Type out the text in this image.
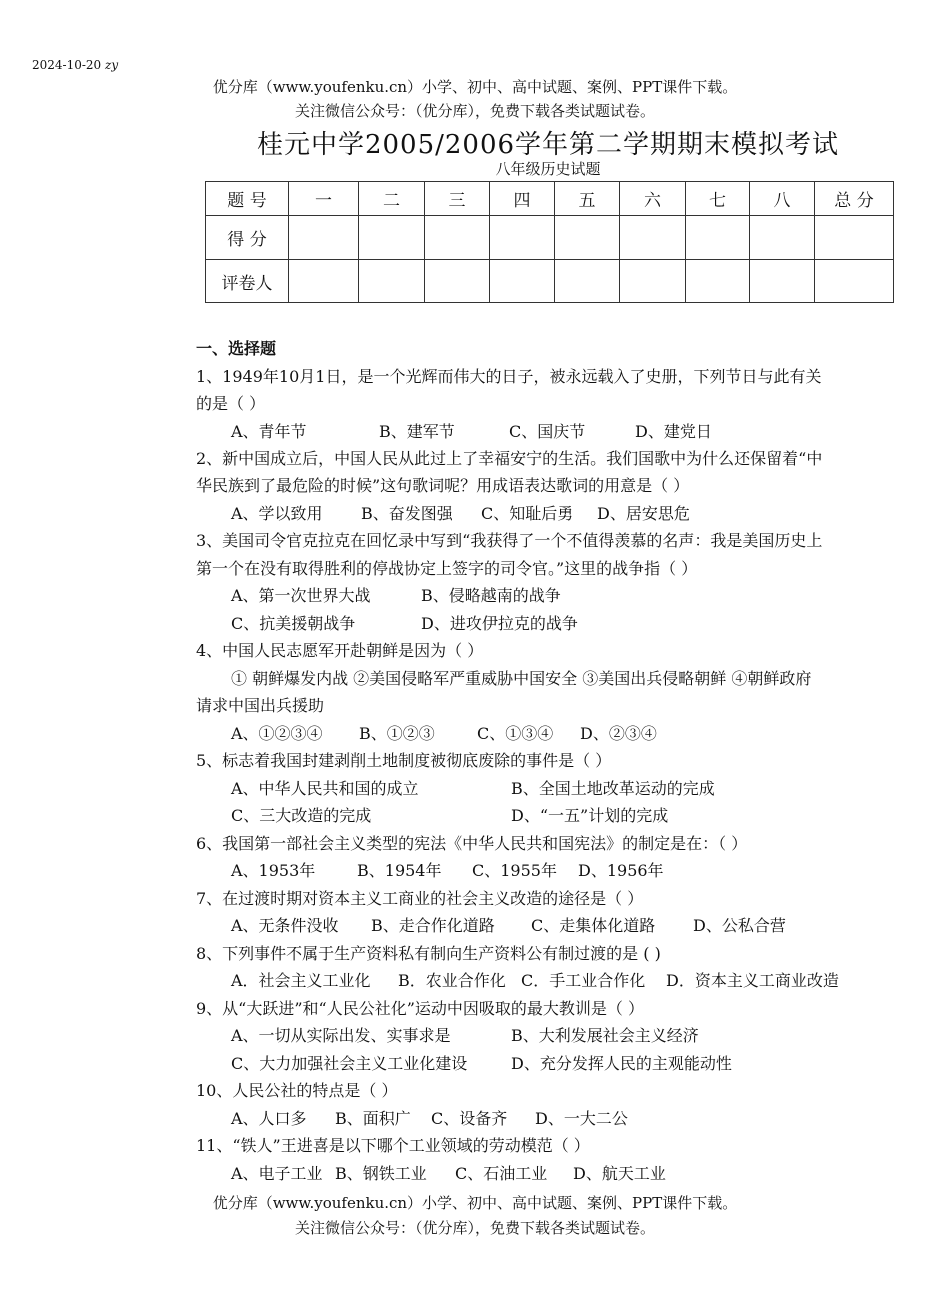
2024-10-20 zy
优分库（www.youfenku.cn）小学、初中、高中试题、案例、PPT课件下载。
关注微信公众号：（优分库），免费下载各类试题试卷。
桂元中学2005/2006学年第二学期期末模拟考试
八年级历史试题
题 号	一	二	三	四	五	六	七	八	总 分
得 分									
评卷人									
一、选择题
1、1949年10月1日，是一个光辉而伟大的日子，被永远载入了史册，下列节日与此有关
的是（ ）
A、青年节	B、建军节	C、国庆节	D、建党日
2、新中国成立后，中国人民从此过上了幸福安宁的生活。我们国歌中为什么还保留着“中
华民族到了最危险的时候”这句歌词呢？用成语表达歌词的用意是（ ）
A、学以致用 B、奋发图强 C、知耻后勇 D、居安思危
3、美国司令官克拉克在回忆录中写到“我获得了一个不值得羡慕的名声：我是美国历史上
第一个在没有取得胜利的停战协定上签字的司令官。”这里的战争指（ ）
A、第一次世界大战	B、侵略越南的战争
C、抗美援朝战争	D、进攻伊拉克的战争
4、中国人民志愿军开赴朝鲜是因为（ ）
① 朝鲜爆发内战 ②美国侵略军严重威胁中国安全 ③美国出兵侵略朝鲜 ④朝鲜政府
请求中国出兵援助
A、①②③④ B、①②③	C、①③④ D、②③④
5、标志着我国封建剥削土地制度被彻底废除的事件是（ ）
A、中华人民共和国的成立	B、全国土地改革运动的完成
C、三大改造的完成	D、“一五”计划的完成
6、我国第一部社会主义类型的宪法《中华人民共和国宪法》的制定是在：（ ）
A、1953年	B、1954年 C、1955年 D、1956年
7、在过渡时期对资本主义工商业的社会主义改造的途径是（ ）
A、无条件没收 B、走合作化道路 C、走集体化道路 D、公私合营
8、下列事件不属于生产资料私有制向生产资料公有制过渡的是 ( )
A．社会主义工业化 B．农业合作化 C．手工业合作化 D．资本主义工商业改造
9、从“大跃进”和“人民公社化”运动中因吸取的最大教训是（ ）
A、一切从实际出发、实事求是	B、大利发展社会主义经济
C、大力加强社会主义工业化建设	D、充分发挥人民的主观能动性
10、人民公社的特点是（ ）
A、人口多 B、面积广 C、设备齐 D、一大二公
11、“铁人”王进喜是以下哪个工业领域的劳动模范（ ）
A、电子工业 B、钢铁工业 C、石油工业 D、航天工业
优分库（www.youfenku.cn）小学、初中、高中试题、案例、PPT课件下载。
关注微信公众号：（优分库），免费下载各类试题试卷。
